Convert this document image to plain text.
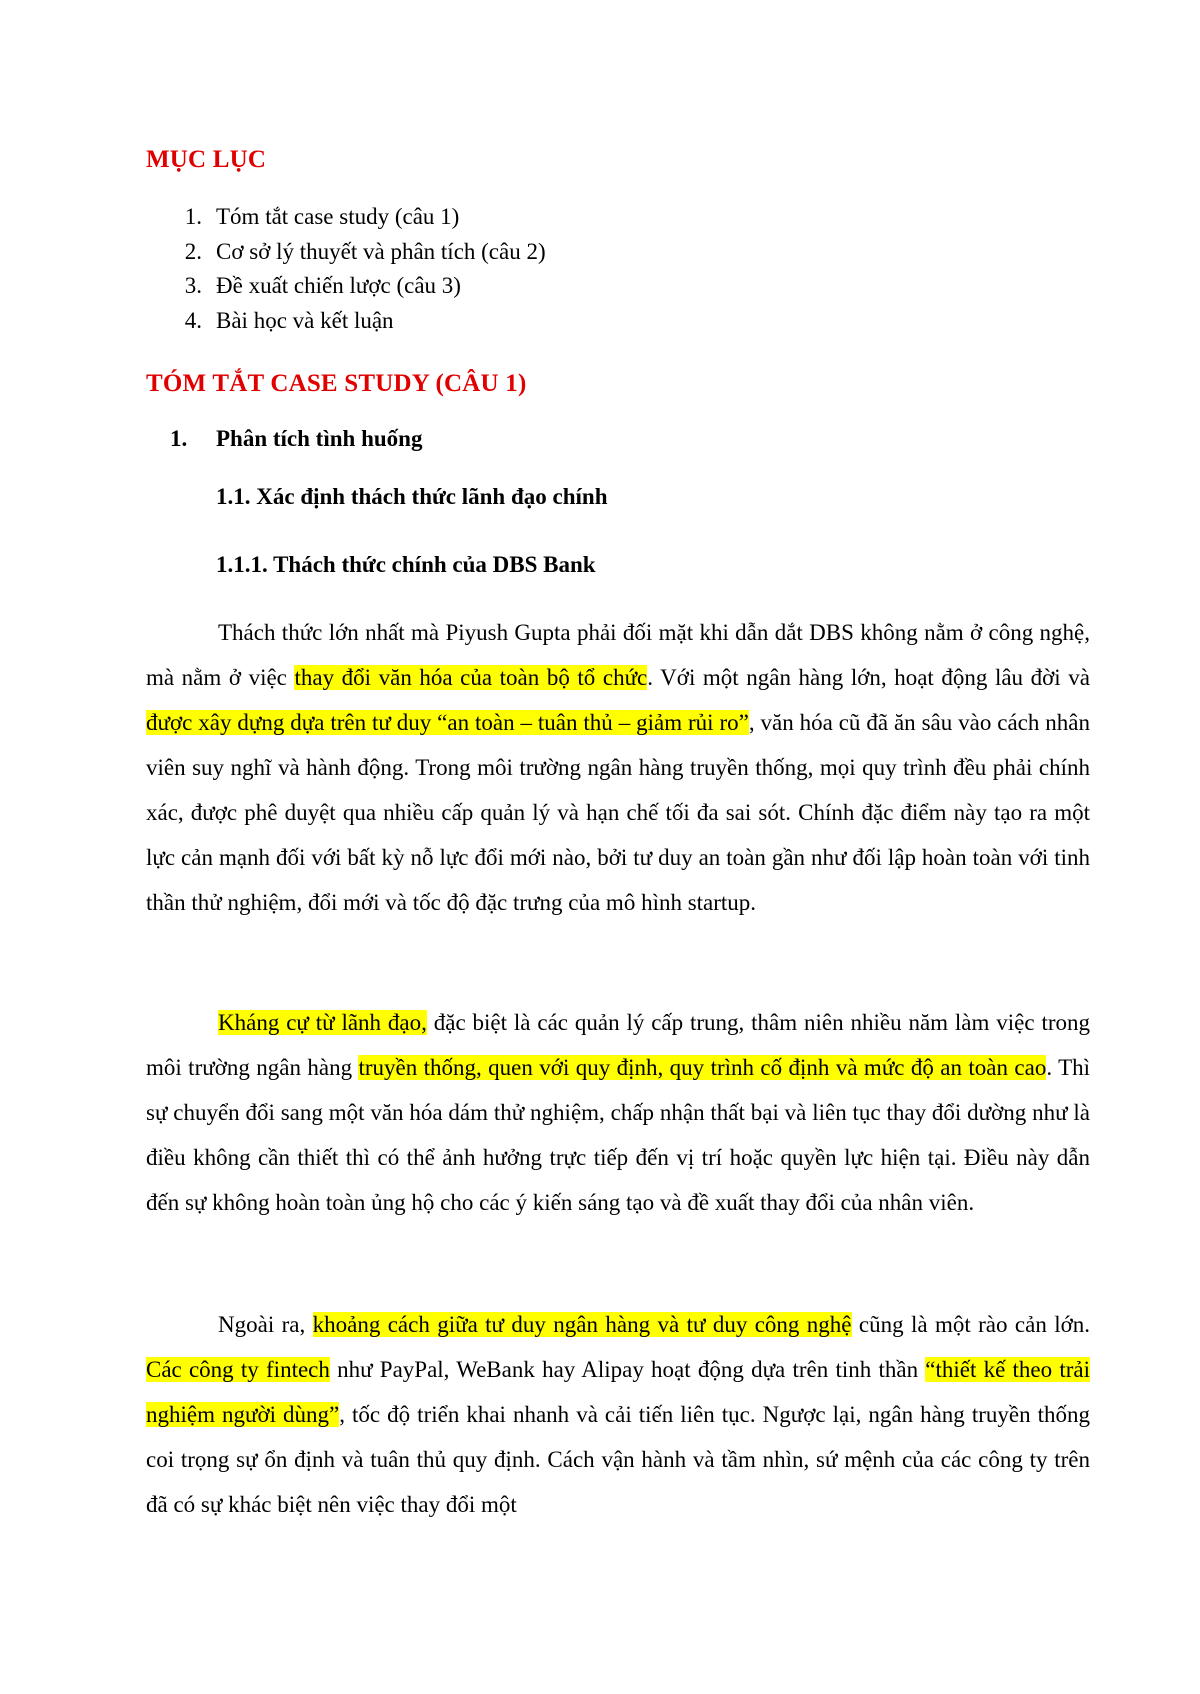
MỤC LỤC
1. Tóm tắt case study (câu 1)
2. Cơ sở lý thuyết và phân tích (câu 2)
3. Đề xuất chiến lược (câu 3)
4. Bài học và kết luận
TÓM TẮT CASE STUDY (CÂU 1)
1.	Phân tích tình huống
1.1. Xác định thách thức lãnh đạo chính
1.1.1. Thách thức chính của DBS Bank

Thách thức lớn nhất mà Piyush Gupta phải đối mặt khi dẫn dắt DBS không nằm ở công nghệ, mà nằm ở việc thay đổi văn hóa của toàn bộ tổ chức. Với một ngân hàng lớn, hoạt động lâu đời và được xây dựng dựa trên tư duy “an toàn – tuân thủ – giảm rủi ro”, văn hóa cũ đã ăn sâu vào cách nhân viên suy nghĩ và hành động. Trong môi trường ngân hàng truyền thống, mọi quy trình đều phải chính xác, được phê duyệt qua nhiều cấp quản lý và hạn chế tối đa sai sót. Chính đặc điểm này tạo ra một lực cản mạnh đối với bất kỳ nỗ lực đổi mới nào, bởi tư duy an toàn gần như đối lập hoàn toàn với tinh thần thử nghiệm, đổi mới và tốc độ đặc trưng của mô hình startup.

Kháng cự từ lãnh đạo, đặc biệt là các quản lý cấp trung, thâm niên nhiều năm làm việc trong môi trường ngân hàng truyền thống, quen với quy định, quy trình cố định và mức độ an toàn cao. Thì sự chuyển đổi sang một văn hóa dám thử nghiệm, chấp nhận thất bại và liên tục thay đổi dường như là điều không cần thiết thì có thể ảnh hưởng trực tiếp đến vị trí hoặc quyền lực hiện tại. Điều này dẫn đến sự không hoàn toàn ủng hộ cho các ý kiến sáng tạo và đề xuất thay đổi của nhân viên.

Ngoài ra, khoảng cách giữa tư duy ngân hàng và tư duy công nghệ cũng là một rào cản lớn. Các công ty fintech như PayPal, WeBank hay Alipay hoạt động dựa trên tinh thần “thiết kế theo trải nghiệm người dùng”, tốc độ triển khai nhanh và cải tiến liên tục. Ngược lại, ngân hàng truyền thống coi trọng sự ổn định và tuân thủ quy định. Cách vận hành và tầm nhìn, sứ mệnh của các công ty trên đã có sự khác biệt nên việc thay đổi một
